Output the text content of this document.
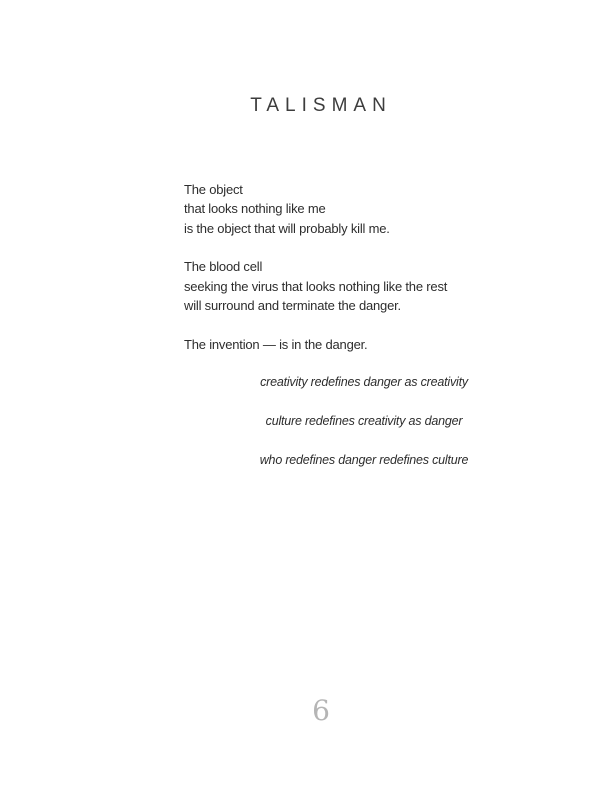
TALISMAN
The object
that looks nothing like me
is the object that will probably kill me.
The blood cell
seeking the virus that looks nothing like the rest
will surround and terminate the danger.
The invention — is in the danger.
creativity redefines danger as creativity
culture redefines creativity as danger
who redefines danger redefines culture
6
